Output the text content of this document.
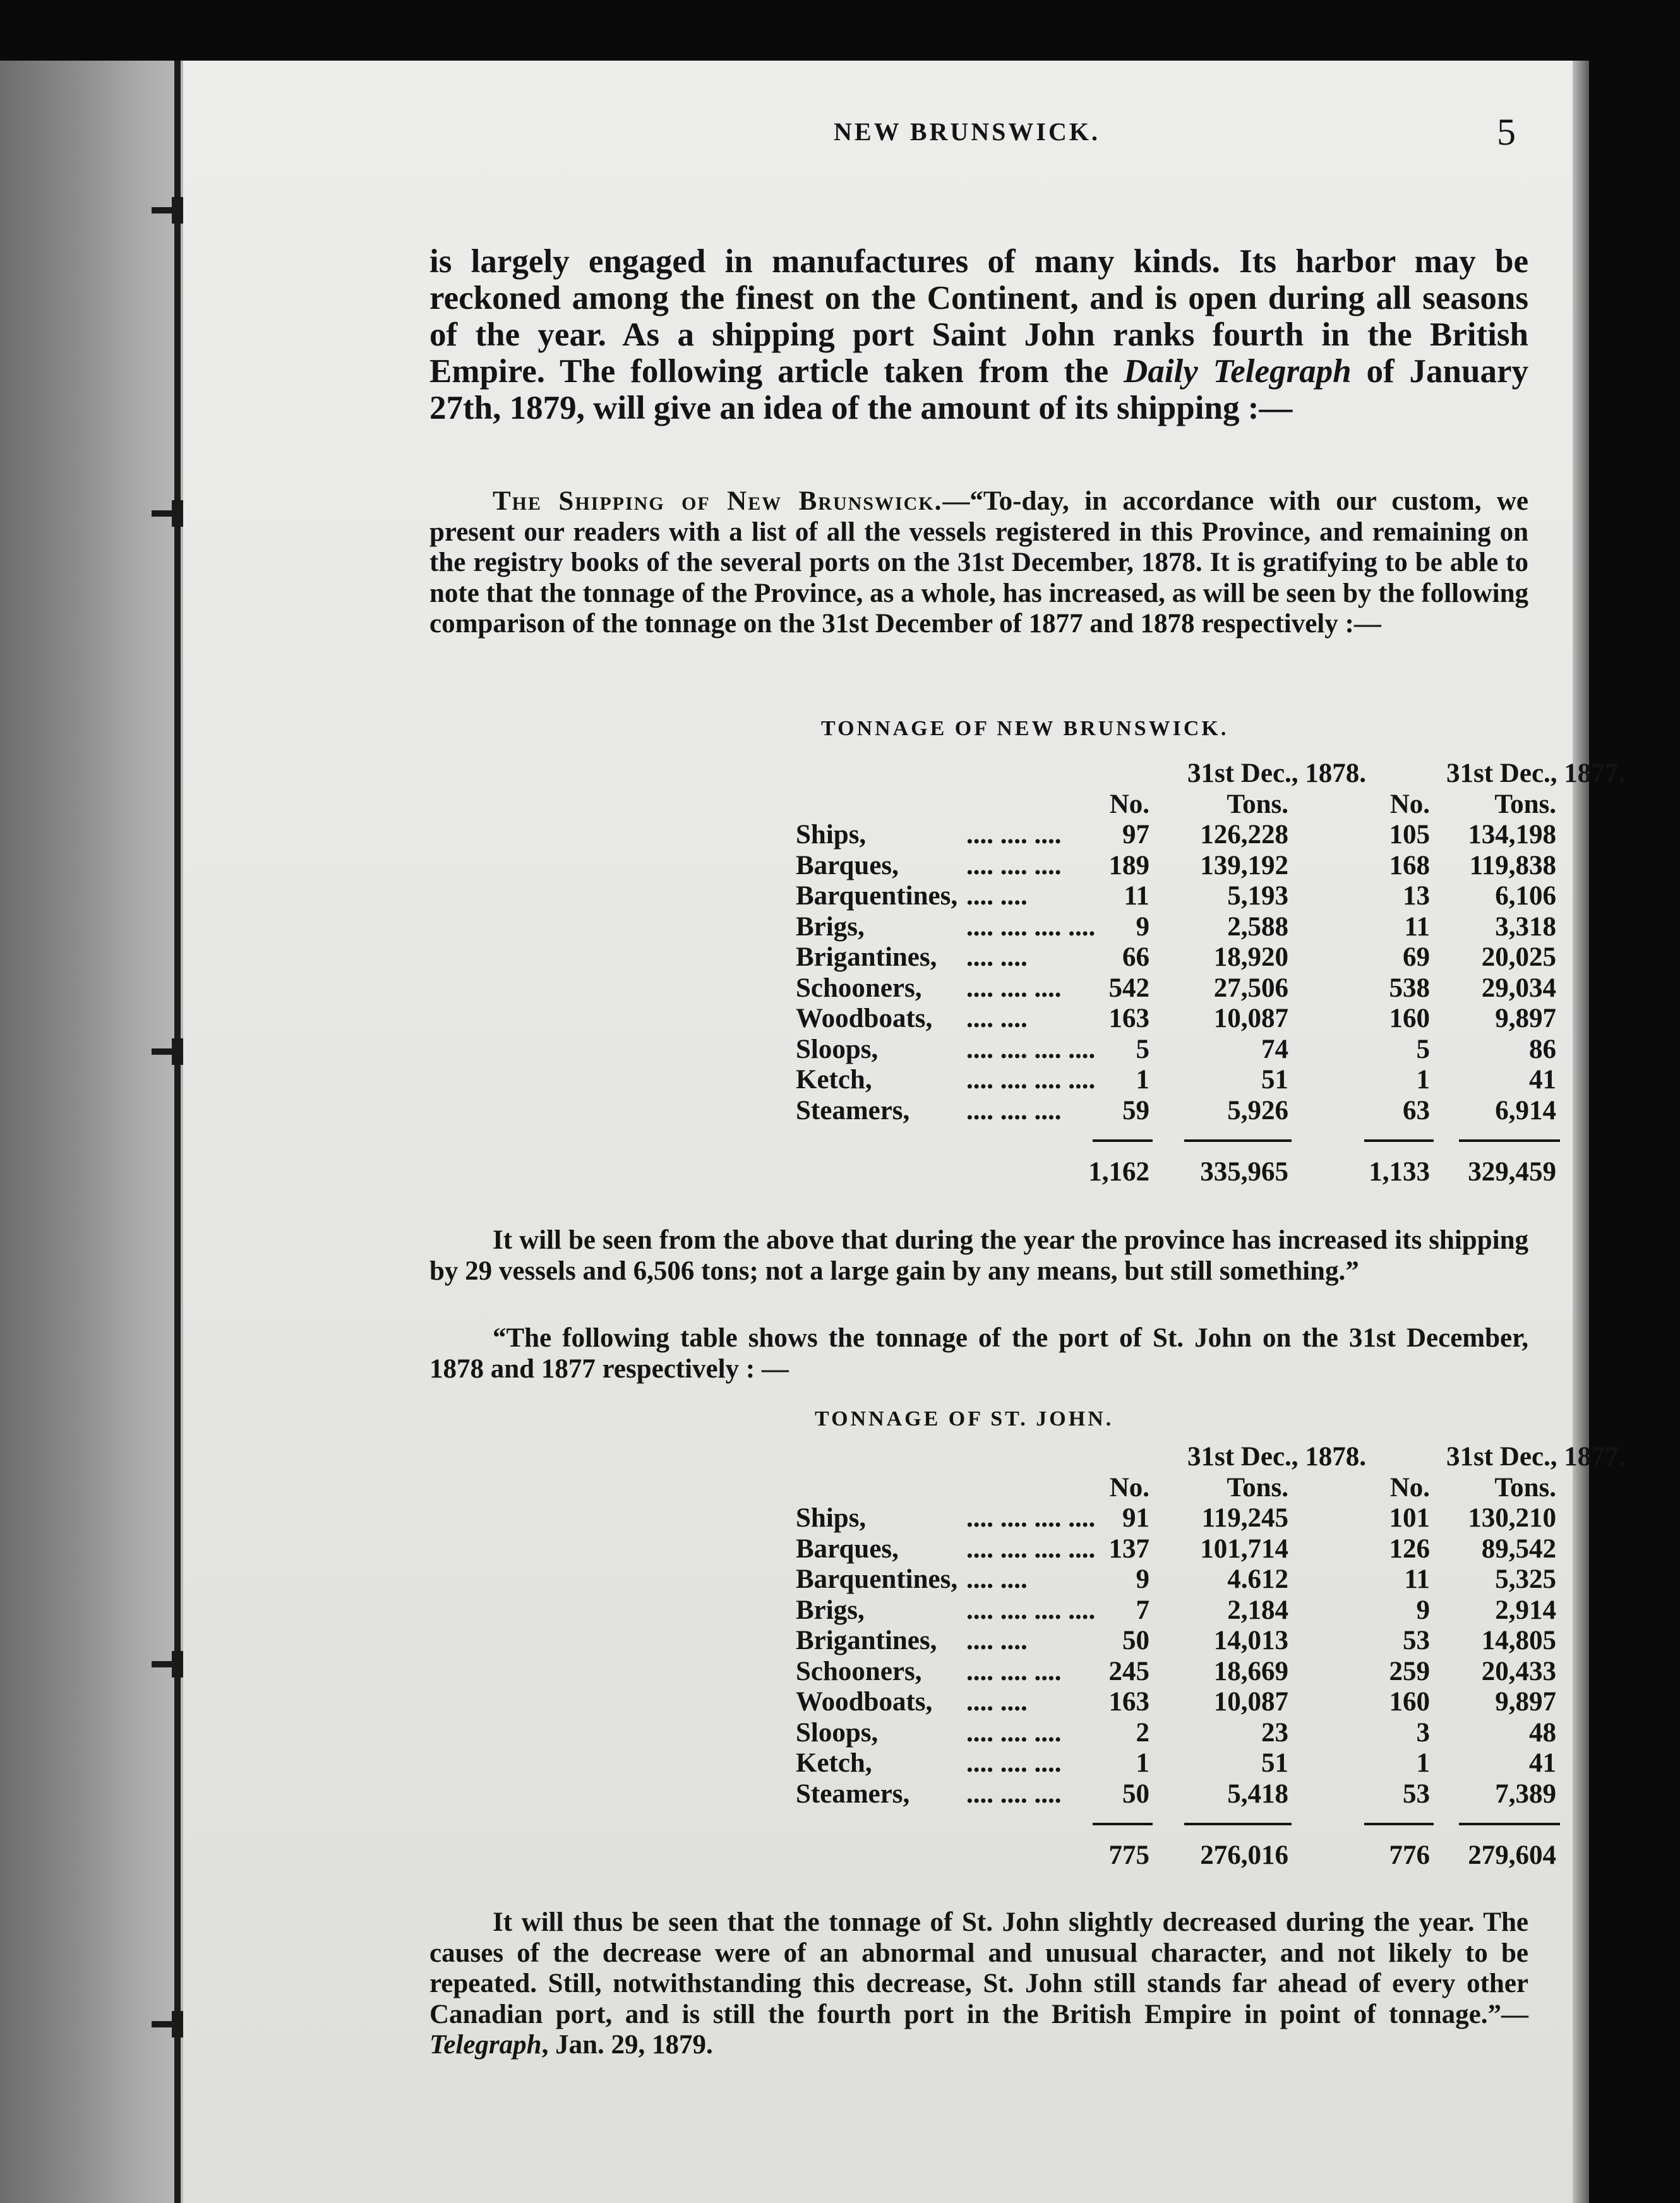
NEW BRUNSWICK.	5

is largely engaged in manufactures of many kinds. Its harbor may be reckoned among the finest on the Continent, and is open during all seasons of the year. As a shipping port Saint John ranks fourth in the British Empire. The following article taken from the Daily Telegraph of January 27th, 1879, will give an idea of the amount of its shipping :—

The Shipping of New Brunswick.—“To-day, in accordance with our custom, we present our readers with a list of all the vessels registered in this Province, and remaining on the registry books of the several ports on the 31st December, 1878. It is gratifying to be able to note that the tonnage of the Province, as a whole, has increased, as will be seen by the following comparison of the tonnage on the 31st December of 1877 and 1878 respectively :—

TONNAGE OF NEW BRUNSWICK.
31st Dec., 1878.	31st Dec., 1877.
No.	Tons.	No. Tons.
Ships,	97 126,228	105 134,198
.... .... ....
Barques,	189 139,192	168 119,838
.... .... ....
Barquentines,	11	5,193	13 6,106
.... ....
Brigs,	9	2,588	11 3,318
.... .... .... ....
Brigantines,	66 18,920	69 20,025
.... ....
Schooners,	542 27,506	538 29,034
.... .... ....
Woodboats,	163 10,087	160 9,897
.... ....
Sloops,	5	74	5	86
.... .... .... ....
Ketch,	1	51	1	41
.... .... .... ....
Steamers,	59	5,926	63 6,914
.... .... ....
1,162 335,965	1,133 329,459

It will be seen from the above that during the year the province has increased its shipping by 29 vessels and 6,506 tons; not a large gain by any means, but still something.”

“The following table shows the tonnage of the port of St. John on the 31st December, 1878 and 1877 respectively : —

TONNAGE OF ST. JOHN.
31st Dec., 1878.	31st Dec., 1877.
No.	Tons.	No. Tons.
Ships,	91 119,245	101 130,210
.... .... .... ....
Barques,	137 101,714	126 89,542
.... .... .... ....
Barquentines,	9	4.612	11 5,325
.... ....
Brigs,	7	2,184	9 2,914
.... .... .... ....
Brigantines,	50 14,013	53 14,805
.... ....
Schooners,	245 18,669	259 20,433
.... .... ....
Woodboats,	163 10,087	160 9,897
.... ....
Sloops,	2	23	3	48
.... .... ....
Ketch,	1	51	1	41
.... .... ....
Steamers,	50	5,418	53 7,389
.... .... ....
775 276,016	776 279,604

It will thus be seen that the tonnage of St. John slightly decreased during the year. The causes of the decrease were of an abnormal and unusual character, and not likely to be repeated. Still, notwithstanding this decrease, St. John still stands far ahead of every other Canadian port, and is still the fourth port in the British Empire in point of tonnage.”—Telegraph, Jan. 29, 1879.
